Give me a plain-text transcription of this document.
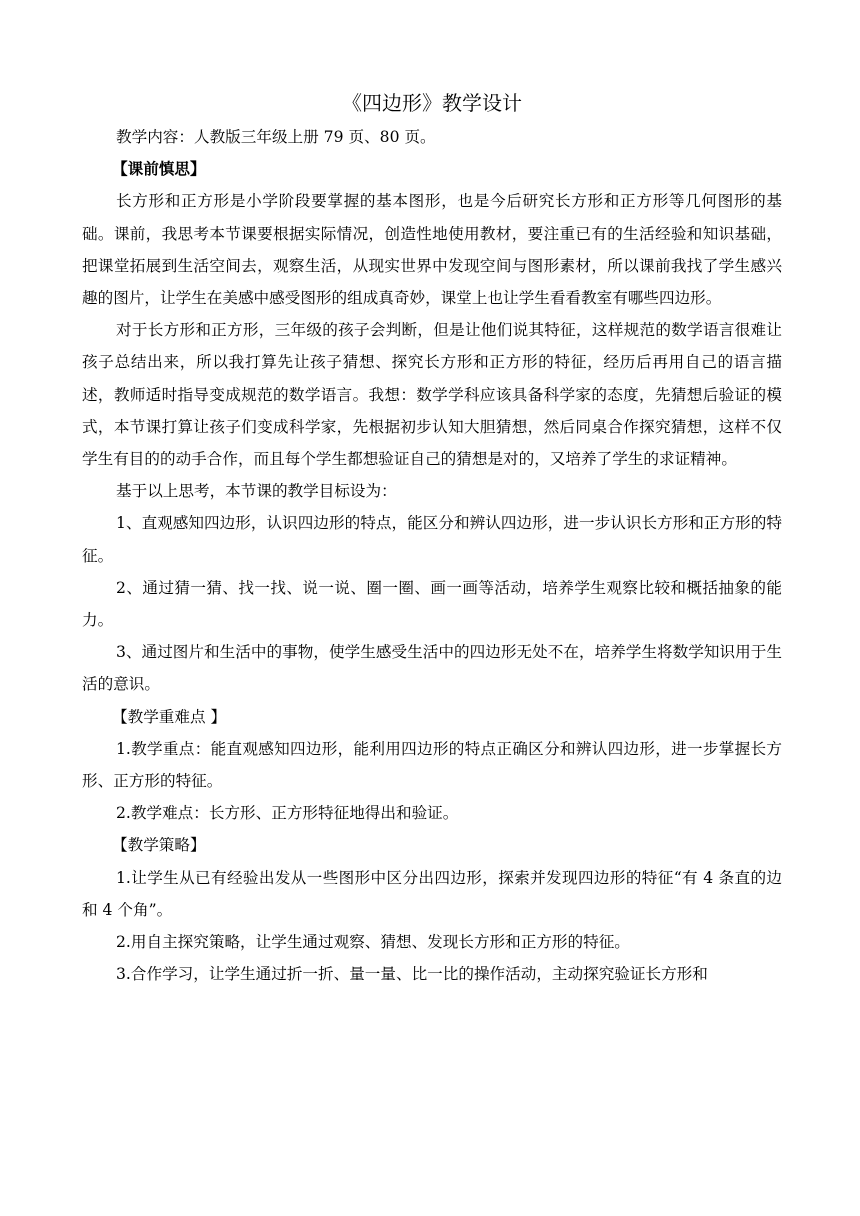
《四边形》教学设计

教学内容：人教版三年级上册 79 页、80 页。

【课前慎思】

长方形和正方形是小学阶段要掌握的基本图形，也是今后研究长方形和正方形等几何图形的基础。课前，我思考本节课要根据实际情况，创造性地使用教材，要注重已有的生活经验和知识基础，把课堂拓展到生活空间去，观察生活，从现实世界中发现空间与图形素材，所以课前我找了学生感兴趣的图片，让学生在美感中感受图形的组成真奇妙，课堂上也让学生看看教室有哪些四边形。

对于长方形和正方形，三年级的孩子会判断，但是让他们说其特征，这样规范的数学语言很难让孩子总结出来，所以我打算先让孩子猜想、探究长方形和正方形的特征，经历后再用自己的语言描述，教师适时指导变成规范的数学语言。我想：数学学科应该具备科学家的态度，先猜想后验证的模式，本节课打算让孩子们变成科学家，先根据初步认知大胆猜想，然后同桌合作探究猜想，这样不仅学生有目的的动手合作，而且每个学生都想验证自己的猜想是对的，又培养了学生的求证精神。

基于以上思考，本节课的教学目标设为：

1、直观感知四边形，认识四边形的特点，能区分和辨认四边形，进一步认识长方形和正方形的特征。

2、通过猜一猜、找一找、说一说、圈一圈、画一画等活动，培养学生观察比较和概括抽象的能力。

3、通过图片和生活中的事物，使学生感受生活中的四边形无处不在，培养学生将数学知识用于生活的意识。

【教学重难点 】

1.教学重点：能直观感知四边形，能利用四边形的特点正确区分和辨认四边形，进一步掌握长方形、正方形的特征。

2.教学难点：长方形、正方形特征地得出和验证。

【教学策略】

1.让学生从已有经验出发从一些图形中区分出四边形，探索并发现四边形的特征“有 4 条直的边和 4 个角”。

2.用自主探究策略，让学生通过观察、猜想、发现长方形和正方形的特征。

3.合作学习，让学生通过折一折、量一量、比一比的操作活动，主动探究验证长方形和
